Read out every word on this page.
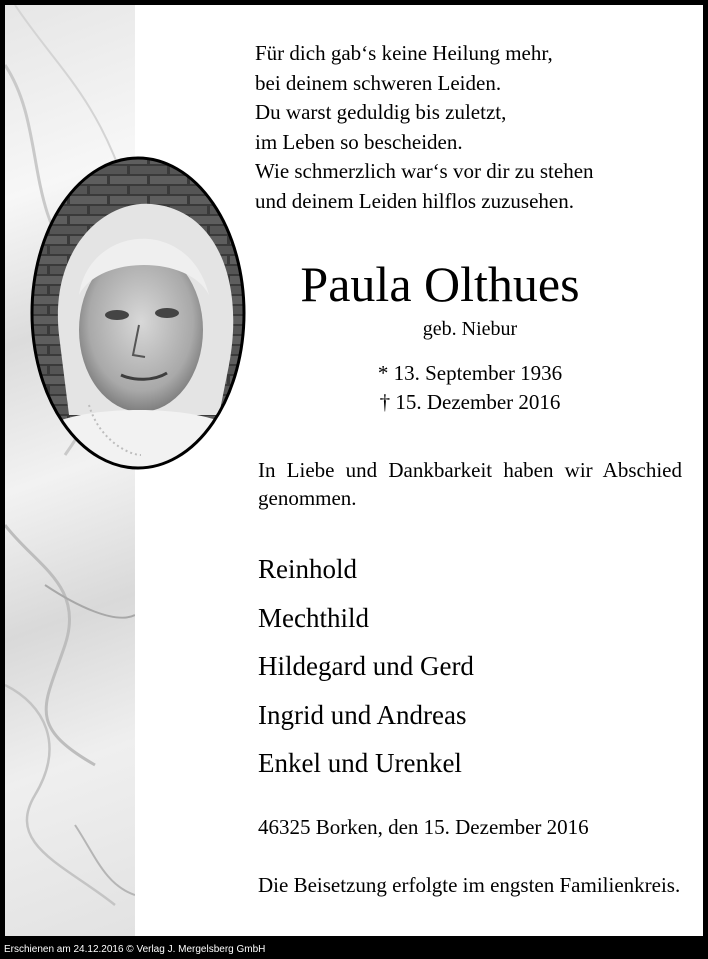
Für dich gab‘s keine Heilung mehr,
bei deinem schweren Leiden.
Du warst geduldig bis zuletzt,
im Leben so bescheiden.
Wie schmerzlich war‘s vor dir zu stehen
und deinem Leiden hilflos zuzusehen.
Paula Olthues
geb. Niebur
* 13. September 1936
† 15. Dezember 2016
In Liebe und Dankbarkeit haben wir Abschied genommen.
Reinhold
Mechthild
Hildegard und Gerd
Ingrid und Andreas
Enkel und Urenkel
46325 Borken, den 15. Dezember 2016
Die Beisetzung erfolgte im engsten Familienkreis.
Erschienen am 24.12.2016 © Verlag J. Mergelsberg GmbH
